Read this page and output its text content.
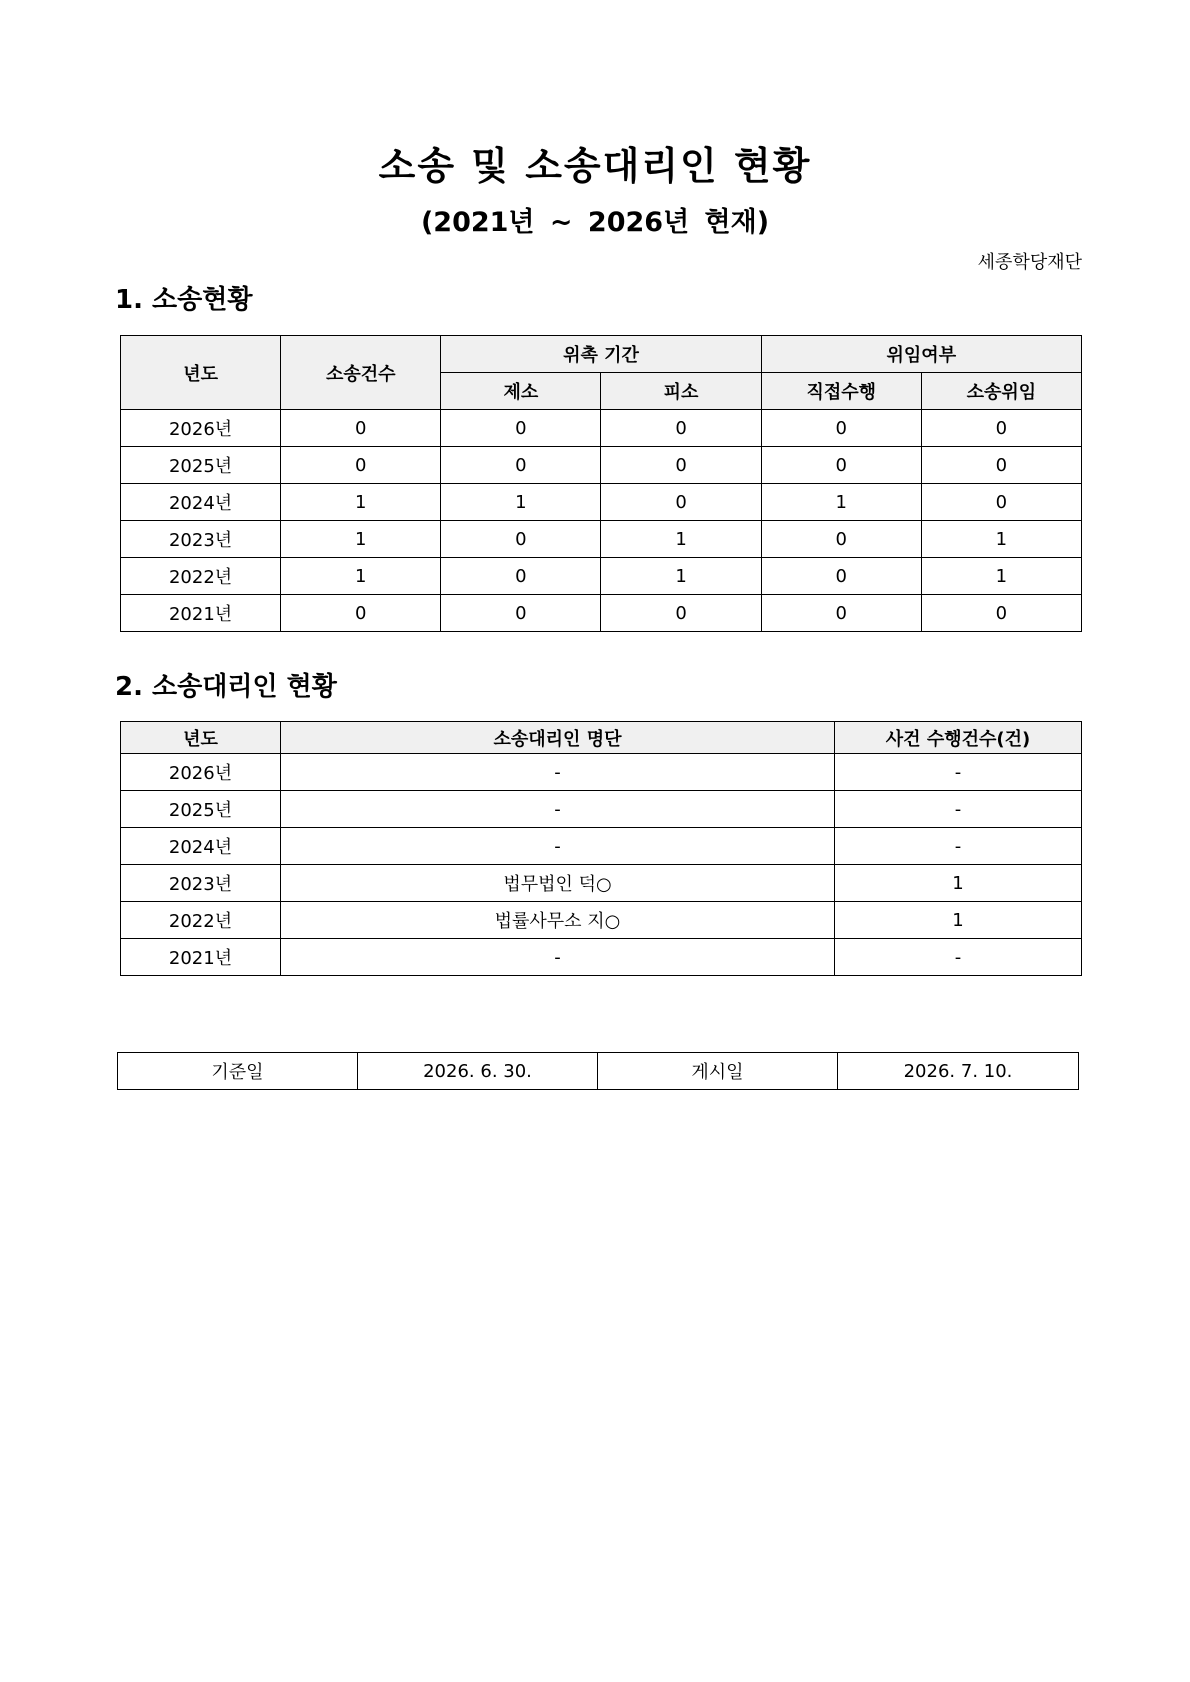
소송 및 소송대리인 현황
(2021년 ~ 2026년 현재)
세종학당재단
1. 소송현황
년도	소송건수	위촉 기간		위임여부	
		제소	피소	직접수행	소송위임
2026년	0	0	0	0	0
2025년	0	0	0	0	0
2024년	1	1	0	1	0
2023년	1	0	1	0	1
2022년	1	0	1	0	1
2021년	0	0	0	0	0
2. 소송대리인 현황
년도	소송대리인 명단	사건 수행건수(건)
2026년	-	-
2025년	-	-
2024년	-	-
2023년	법무법인 덕○	1
2022년	법률사무소 지○	1
2021년	-	-
기준일	2026. 6. 30.	게시일	2026. 7. 10.
